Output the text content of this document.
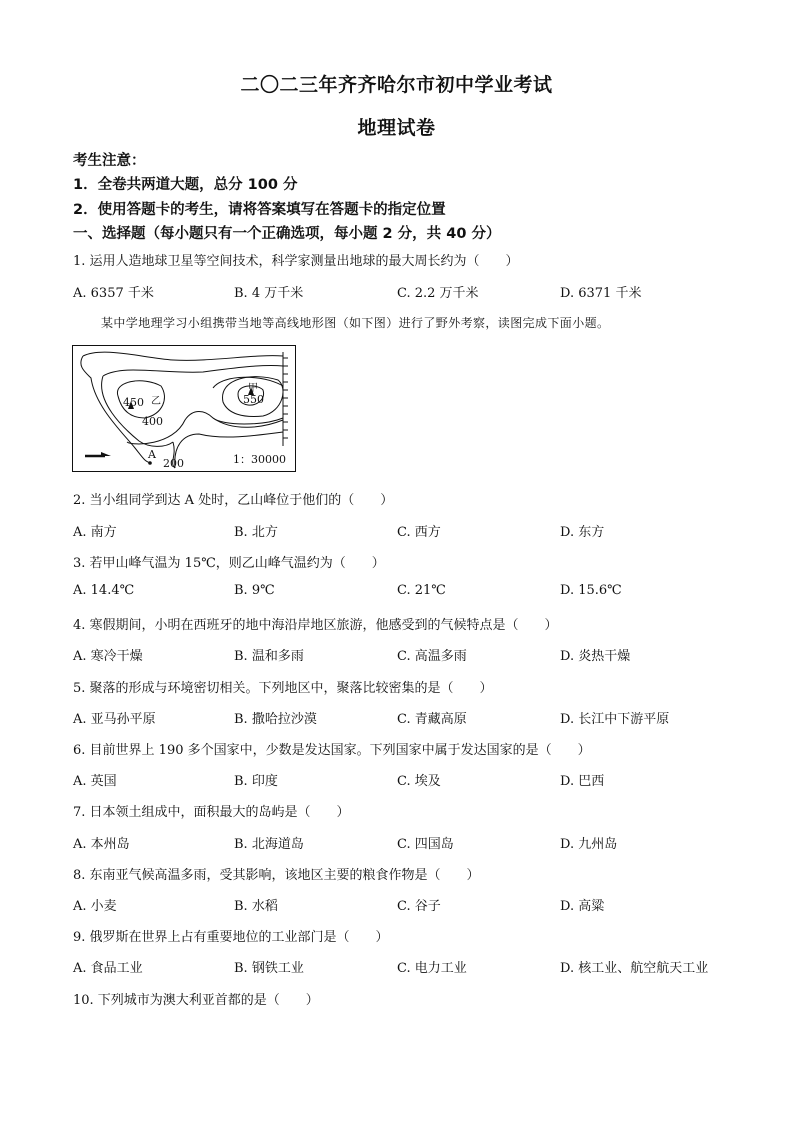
二〇二三年齐齐哈尔市初中学业考试
地理试卷
考生注意：
1．全卷共两道大题，总分 100 分
2．使用答题卡的考生，请将答案填写在答题卡的指定位置
一、选择题（每小题只有一个正确选项，每小题 2 分，共 40 分）
1. 运用人造地球卫星等空间技术，科学家测量出地球的最大周长约为（　　）
A. 6357 千米	B. 4 万千米	C. 2.2 万千米	D. 6371 千米
某中学地理学习小组携带当地等高线地形图（如下图）进行了野外考察，读图完成下面小题。
450 乙
400
甲
550
A
200	1：30000
2. 当小组同学到达 A 处时，乙山峰位于他们的（　　）
A. 南方	B. 北方	C. 西方	D. 东方
3. 若甲山峰气温为 15℃，则乙山峰气温约为（　　）
A. 14.4℃	B. 9℃	C. 21℃	D. 15.6℃
4. 寒假期间，小明在西班牙的地中海沿岸地区旅游，他感受到的气候特点是（　　）
A. 寒冷干燥	B. 温和多雨	C. 高温多雨	D. 炎热干燥
5. 聚落的形成与环境密切相关。下列地区中，聚落比较密集的是（　　）
A. 亚马孙平原	B. 撒哈拉沙漠	C. 青藏高原	D. 长江中下游平原
6. 目前世界上 190 多个国家中，少数是发达国家。下列国家中属于发达国家的是（　　）
A. 英国	B. 印度	C. 埃及	D. 巴西
7. 日本领土组成中，面积最大的岛屿是（　　）
A. 本州岛	B. 北海道岛	C. 四国岛	D. 九州岛
8. 东南亚气候高温多雨，受其影响，该地区主要的粮食作物是（　　）
A. 小麦	B. 水稻	C. 谷子	D. 高粱
9. 俄罗斯在世界上占有重要地位的工业部门是（　　）
A. 食品工业	B. 钢铁工业	C. 电力工业	D. 核工业、航空航天工业
10. 下列城市为澳大利亚首都的是（　　）
